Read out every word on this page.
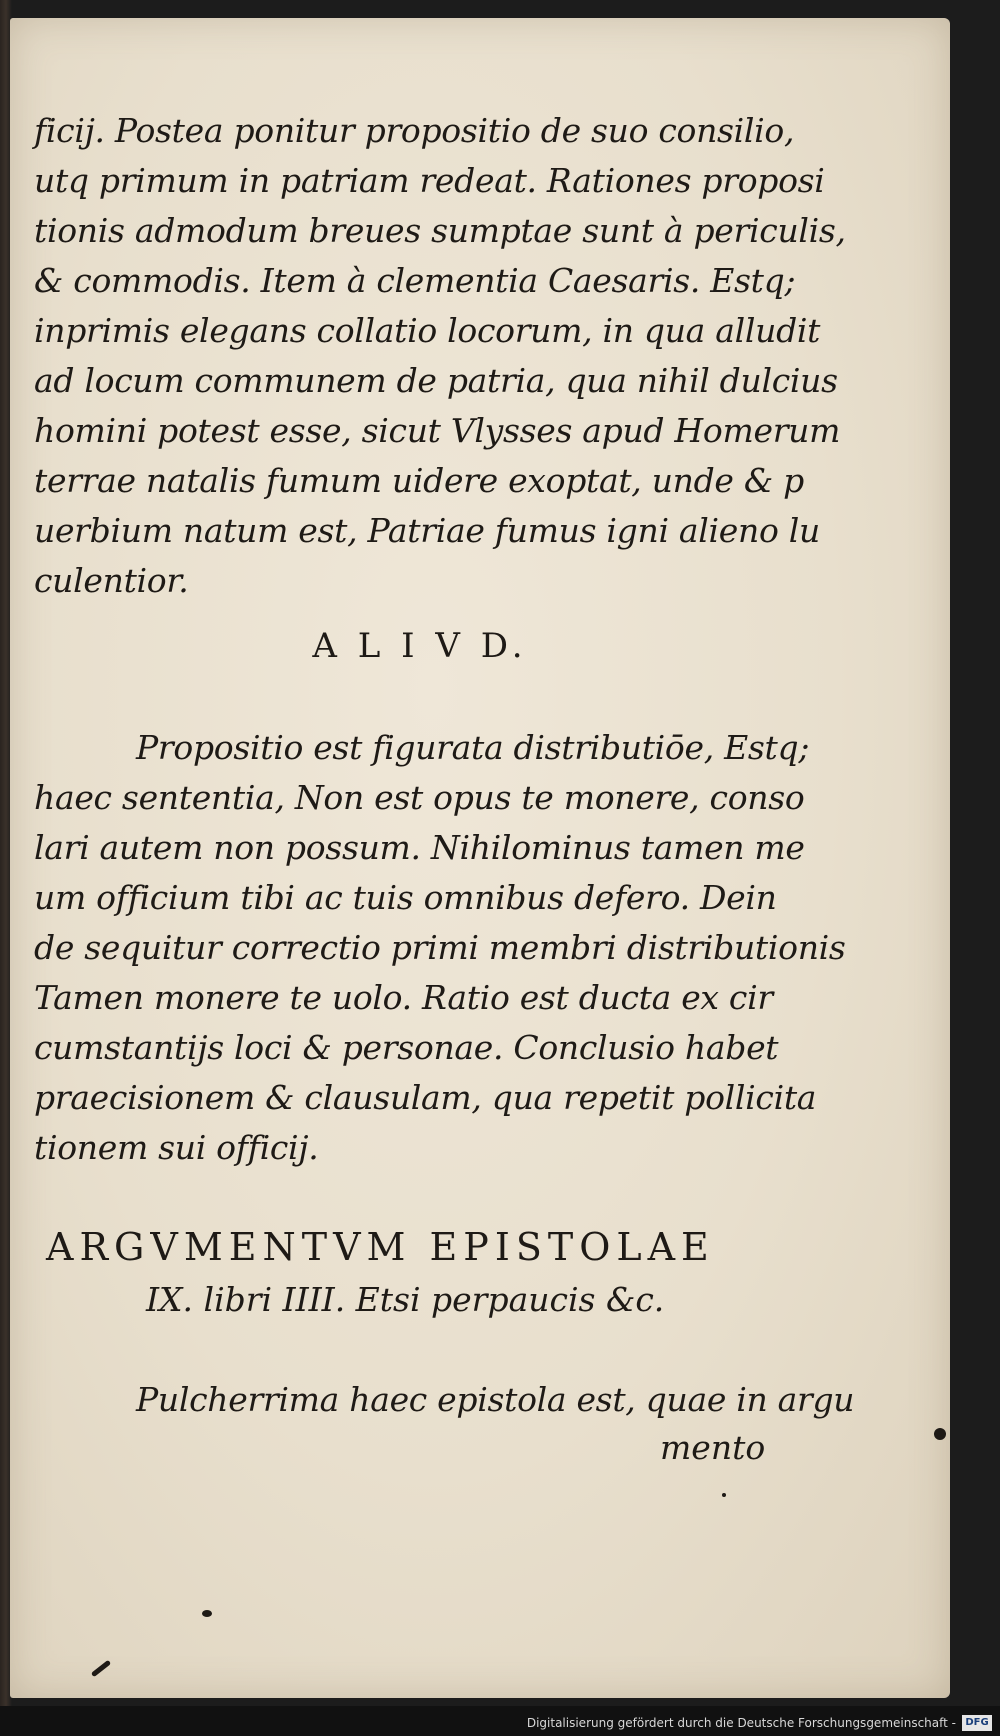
ficij. Postea ponitur propositio de suo consilio,
utq primum in patriam redeat. Rationes proposi
tionis admodum breues sumptae sunt à periculis,
& commodis. Item à clementia Caesaris. Estq;
inprimis elegans collatio locorum, in qua alludit
ad locum communem de patria, qua nihil dulcius
homini potest esse, sicut Vlysses apud Homerum
terrae natalis fumum uidere exoptat, unde & p
uerbium natum est, Patriae fumus igni alieno lu
culentior.
A L I V D.
Propositio est figurata distributiōe, Estq;
haec sententia, Non est opus te monere, conso
lari autem non possum. Nihilominus tamen me
um officium tibi ac tuis omnibus defero. Dein
de sequitur correctio primi membri distributionis
Tamen monere te uolo. Ratio est ducta ex cir
cumstantijs loci & personae. Conclusio habet
praecisionem & clausulam, qua repetit pollicita
tionem sui officij.
ARGVMENTVM EPISTOLAE
IX. libri IIII. Etsi perpaucis &c.
Pulcherrima haec epistola est, quae in argu
mento
Digitalisierung gefördert durch die Deutsche Forschungsgemeinschaft - DFG
